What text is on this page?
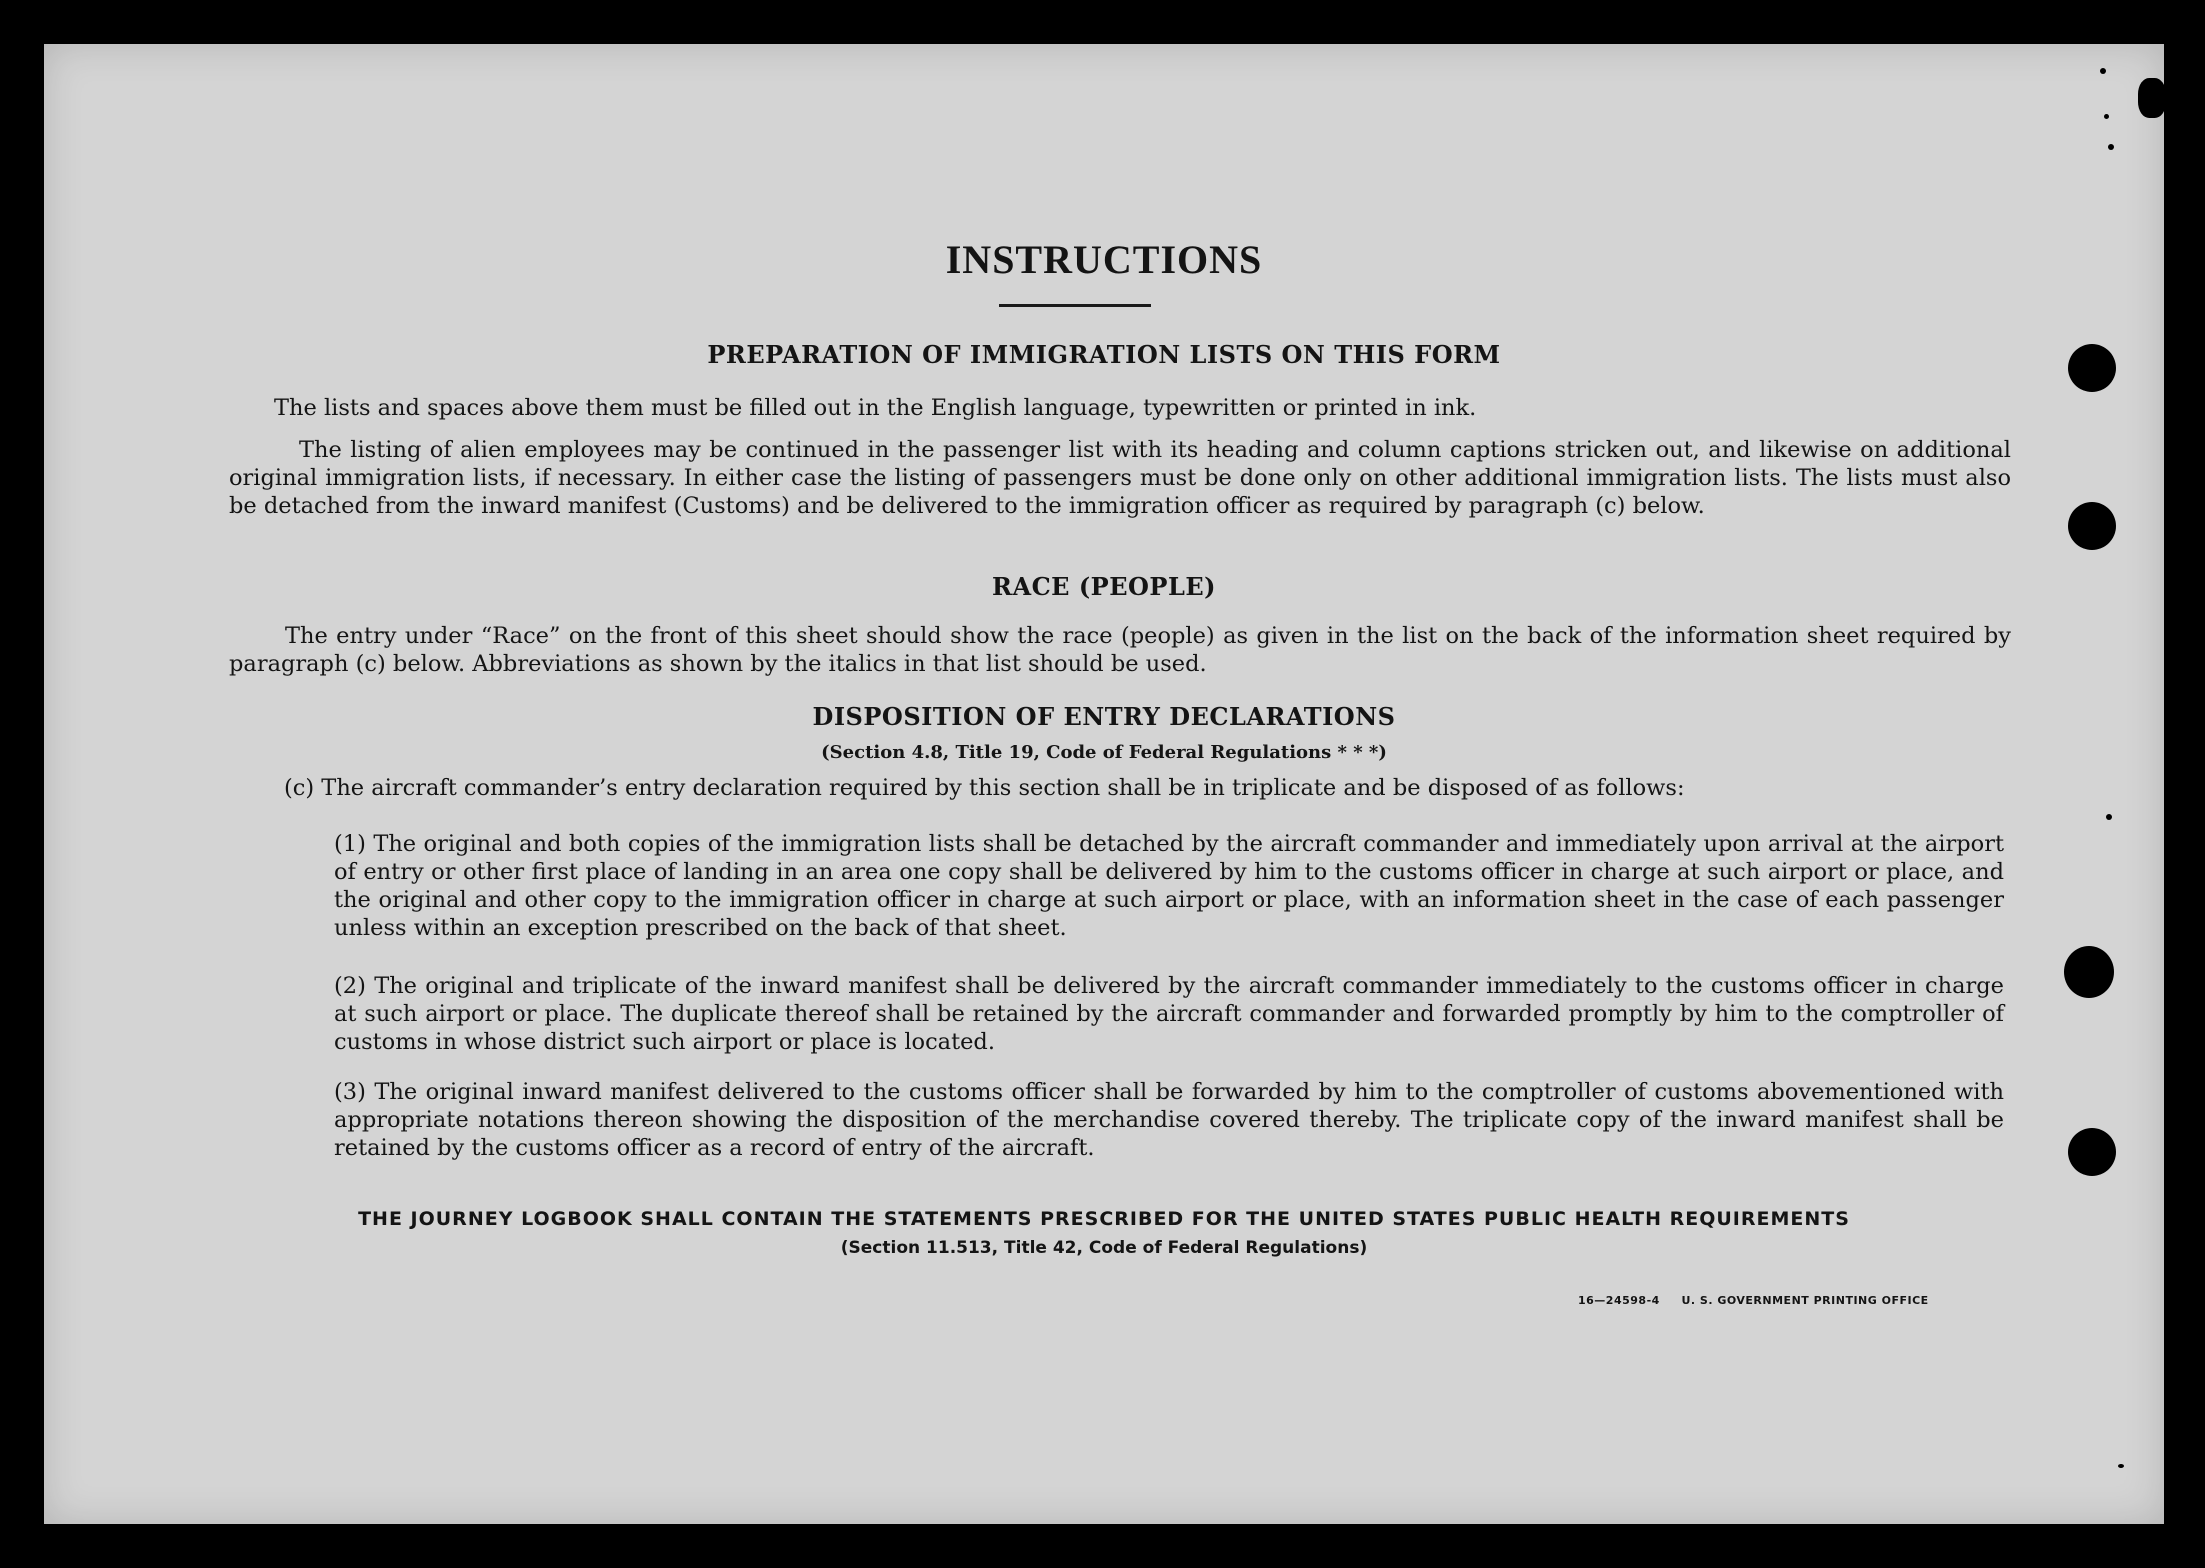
INSTRUCTIONS
PREPARATION OF IMMIGRATION LISTS ON THIS FORM
The lists and spaces above them must be filled out in the English language, typewritten or printed in ink.
The listing of alien employees may be continued in the passenger list with its heading and column captions stricken out, and likewise on additional original immigration lists, if necessary. In either case the listing of passengers must be done only on other additional immigration lists. The lists must also be detached from the inward manifest (Customs) and be delivered to the immigration officer as required by paragraph (c) below.
RACE (PEOPLE)
The entry under “Race” on the front of this sheet should show the race (people) as given in the list on the back of the information sheet required by paragraph (c) below. Abbreviations as shown by the italics in that list should be used.
DISPOSITION OF ENTRY DECLARATIONS
(Section 4.8, Title 19, Code of Federal Regulations * * *)
(c) The aircraft commander’s entry declaration required by this section shall be in triplicate and be disposed of as follows:
(1) The original and both copies of the immigration lists shall be detached by the aircraft commander and immediately upon arrival at the airport of entry or other first place of landing in an area one copy shall be delivered by him to the customs officer in charge at such airport or place, and the original and other copy to the immigration officer in charge at such airport or place, with an information sheet in the case of each passenger unless within an exception prescribed on the back of that sheet.
(2) The original and triplicate of the inward manifest shall be delivered by the aircraft commander immediately to the customs officer in charge at such airport or place. The duplicate thereof shall be retained by the aircraft commander and forwarded promptly by him to the comptroller of customs in whose district such airport or place is located.
(3) The original inward manifest delivered to the customs officer shall be forwarded by him to the comptroller of customs abovementioned with appropriate notations thereon showing the disposition of the merchandise covered thereby. The triplicate copy of the inward manifest shall be retained by the customs officer as a record of entry of the aircraft.
THE JOURNEY LOGBOOK SHALL CONTAIN THE STATEMENTS PRESCRIBED FOR THE UNITED STATES PUBLIC HEALTH REQUIREMENTS
(Section 11.513, Title 42, Code of Federal Regulations)
16—24598-4 U. S. GOVERNMENT PRINTING OFFICE
